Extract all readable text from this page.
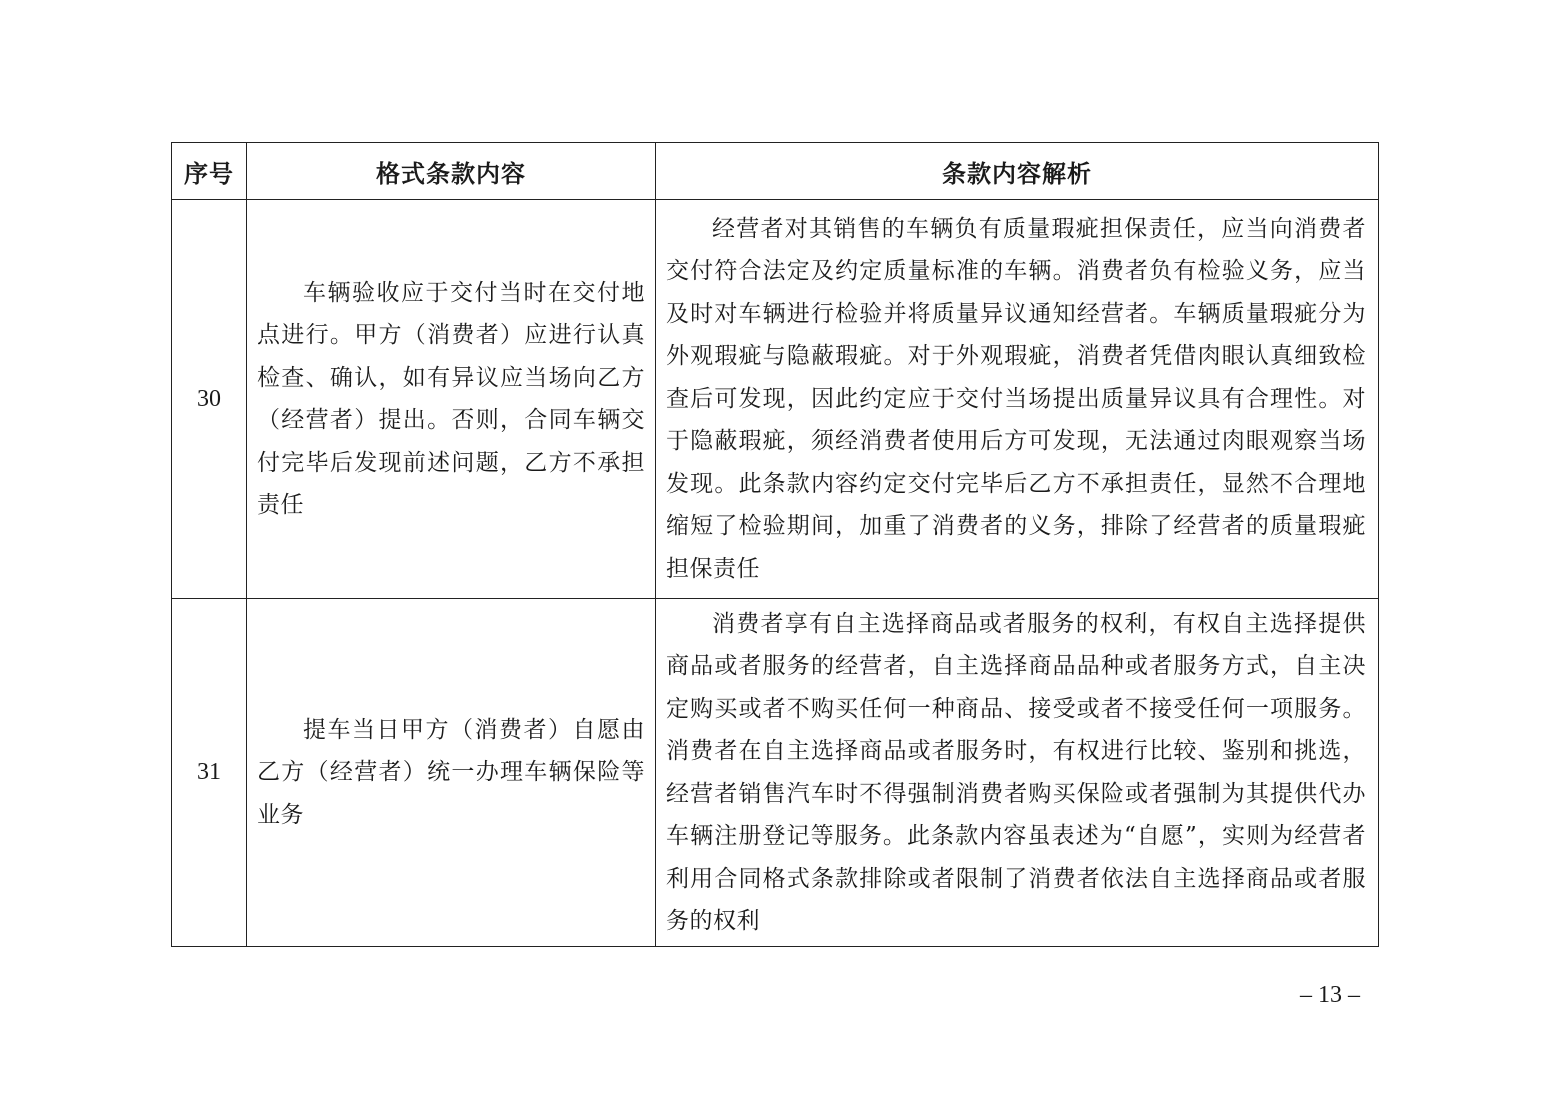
序号	格式条款内容	条款内容解析
30	车辆验收应于交付当时在交付地点进行。甲方（消费者）应进行认真检查、确认，如有异议应当场向乙方（经营者）提出。否则，合同车辆交付完毕后发现前述问题，乙方不承担责任	经营者对其销售的车辆负有质量瑕疵担保责任，应当向消费者交付符合法定及约定质量标准的车辆。消费者负有检验义务，应当及时对车辆进行检验并将质量异议通知经营者。车辆质量瑕疵分为外观瑕疵与隐蔽瑕疵。对于外观瑕疵，消费者凭借肉眼认真细致检查后可发现，因此约定应于交付当场提出质量异议具有合理性。对于隐蔽瑕疵，须经消费者使用后方可发现，无法通过肉眼观察当场发现。此条款内容约定交付完毕后乙方不承担责任，显然不合理地缩短了检验期间，加重了消费者的义务，排除了经营者的质量瑕疵担保责任

31	提车当日甲方（消费者）自愿由乙方（经营者）统一办理车辆保险等业务	消费者享有自主选择商品或者服务的权利，有权自主选择提供商品或者服务的经营者，自主选择商品品种或者服务方式，自主决定购买或者不购买任何一种商品、接受或者不接受任何一项服务。消费者在自主选择商品或者服务时，有权进行比较、鉴别和挑选，经营者销售汽车时不得强制消费者购买保险或者强制为其提供代办车辆注册登记等服务。此条款内容虽表述为“自愿”，实则为经营者利用合同格式条款排除或者限制了消费者依法自主选择商品或者服务的权利

– 13 –
